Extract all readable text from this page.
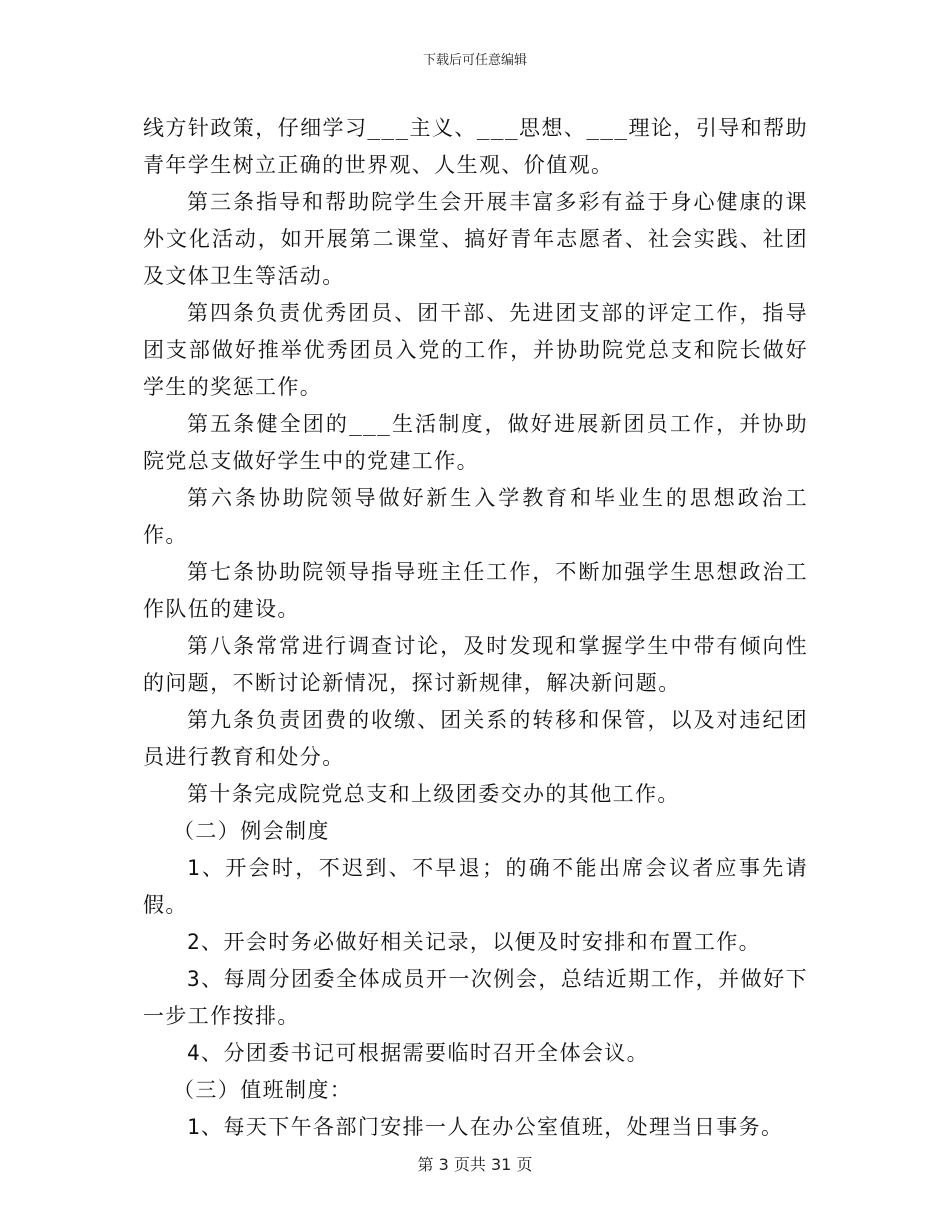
下载后可任意编辑

线方针政策，仔细学习___主义、___思想、___理论，引导和帮助青年学生树立正确的世界观、人生观、价值观。

第三条指导和帮助院学生会开展丰富多彩有益于身心健康的课外文化活动，如开展第二课堂、搞好青年志愿者、社会实践、社团及文体卫生等活动。

第四条负责优秀团员、团干部、先进团支部的评定工作，指导团支部做好推举优秀团员入党的工作，并协助院党总支和院长做好学生的奖惩工作。

第五条健全团的___生活制度，做好进展新团员工作，并协助院党总支做好学生中的党建工作。

第六条协助院领导做好新生入学教育和毕业生的思想政治工作。

第七条协助院领导指导班主任工作，不断加强学生思想政治工作队伍的建设。

第八条常常进行调查讨论，及时发现和掌握学生中带有倾向性的问题，不断讨论新情况，探讨新规律，解决新问题。

第九条负责团费的收缴、团关系的转移和保管，以及对违纪团员进行教育和处分。

第十条完成院党总支和上级团委交办的其他工作。

（二）例会制度

1、开会时，不迟到、不早退；的确不能出席会议者应事先请假。

2、开会时务必做好相关记录，以便及时安排和布置工作。

3、每周分团委全体成员开一次例会，总结近期工作，并做好下一步工作按排。

4、分团委书记可根据需要临时召开全体会议。

（三）值班制度：

1、每天下午各部门安排一人在办公室值班，处理当日事务。

第 3 页共 31 页
